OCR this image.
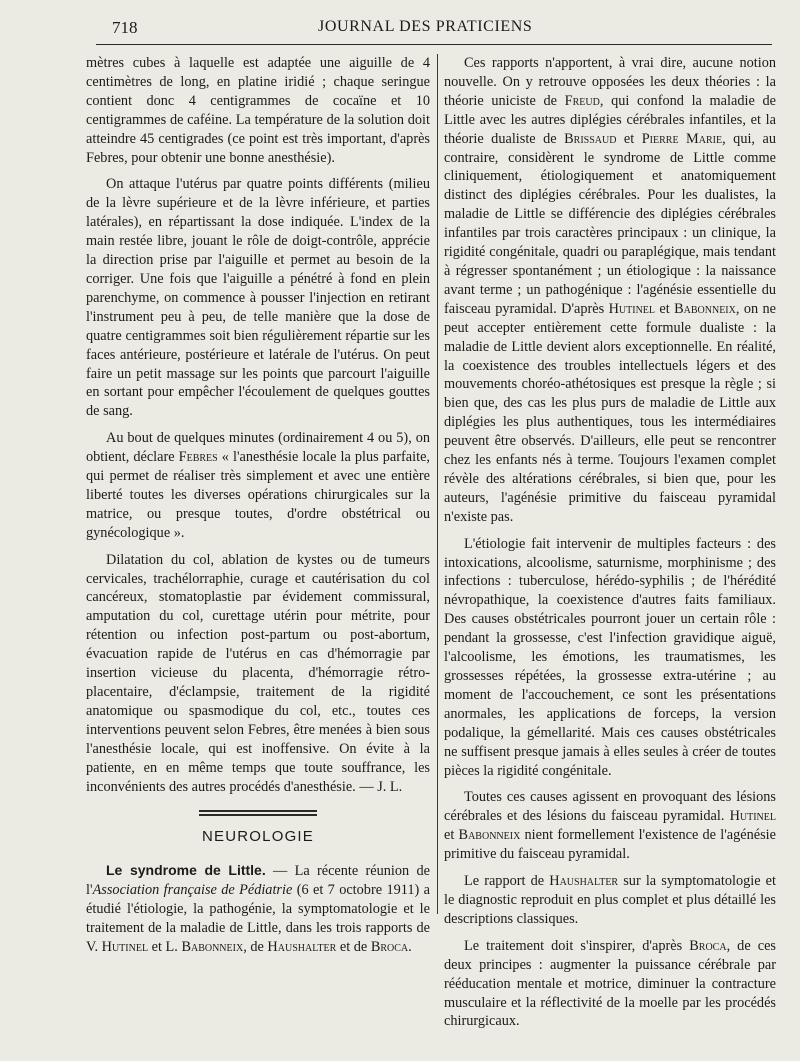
718	JOURNAL DES PRATICIENS

mètres cubes à laquelle est adaptée une aiguille de 4 centimètres de long, en platine iridié ; chaque seringue contient donc 4 centigrammes de cocaïne et 10 centigrammes de caféine. La température de la solution doit atteindre 45 centigrades (ce point est très important, d'après Febres, pour obtenir une bonne anesthésie).

On attaque l'utérus par quatre points différents (milieu de la lèvre supérieure et de la lèvre inférieure, et parties latérales), en répartissant la dose indiquée. L'index de la main restée libre, jouant le rôle de doigt-contrôle, apprécie la direction prise par l'aiguille et permet au besoin de la corriger. Une fois que l'aiguille a pénétré à fond en plein parenchyme, on commence à pousser l'injection en retirant l'instrument peu à peu, de telle manière que la dose de quatre centigrammes soit bien régulièrement répartie sur les faces antérieure, postérieure et latérale de l'utérus. On peut faire un petit massage sur les points que parcourt l'aiguille en sortant pour empêcher l'écoulement de quelques gouttes de sang.

Au bout de quelques minutes (ordinairement 4 ou 5), on obtient, déclare Febres « l'anesthésie locale la plus parfaite, qui permet de réaliser très simplement et avec une entière liberté toutes les diverses opérations chirurgicales sur la matrice, ou presque toutes, d'ordre obstétrical ou gynécologique ».

Dilatation du col, ablation de kystes ou de tumeurs cervicales, trachélorraphie, curage et cautérisation du col cancéreux, stomatoplastie par évidement commissural, amputation du col, curettage utérin pour métrite, pour rétention ou infection post-partum ou post-abortum, évacuation rapide de l'utérus en cas d'hémorragie par insertion vicieuse du placenta, d'hémorragie rétro-placentaire, d'éclampsie, traitement de la rigidité anatomique ou spasmodique du col, etc., toutes ces interventions peuvent selon Febres, être menées à bien sous l'anesthésie locale, qui est inoffensive. On évite à la patiente, en en même temps que toute souffrance, les inconvénients des autres procédés d'anesthésie. — J. L.

NEUROLOGIE

Le syndrome de Little. — La récente réunion de l'Association française de Pédiatrie (6 et 7 octobre 1911) a étudié l'étiologie, la pathogénie, la symptomatologie et le traitement de la maladie de Little, dans les trois rapports de V. Hutinel et L. Babonneix, de Haushalter et de Broca.

Ces rapports n'apportent, à vrai dire, aucune notion nouvelle. On y retrouve opposées les deux théories : la théorie uniciste de Freud, qui confond la maladie de Little avec les autres diplégies cérébrales infantiles, et la théorie dualiste de Brissaud et Pierre Marie, qui, au contraire, considèrent le syndrome de Little comme cliniquement, étiologiquement et anatomiquement distinct des diplégies cérébrales. Pour les dualistes, la maladie de Little se différencie des diplégies cérébrales infantiles par trois caractères principaux : un clinique, la rigidité congénitale, quadri ou paraplégique, mais tendant à régresser spontanément ; un étiologique : la naissance avant terme ; un pathogénique : l'agénésie essentielle du faisceau pyramidal. D'après Hutinel et Babonneix, on ne peut accepter entièrement cette formule dualiste : la maladie de Little devient alors exceptionnelle. En réalité, la coexistence des troubles intellectuels légers et des mouvements choréo-athétosiques est presque la règle ; si bien que, des cas les plus purs de maladie de Little aux diplégies les plus authentiques, tous les intermédiaires peuvent être observés. D'ailleurs, elle peut se rencontrer chez les enfants nés à terme. Toujours l'examen complet révèle des altérations cérébrales, si bien que, pour les auteurs, l'agénésie primitive du faisceau pyramidal n'existe pas.

L'étiologie fait intervenir de multiples facteurs : des intoxications, alcoolisme, saturnisme, morphinisme ; des infections : tuberculose, hérédo-syphilis ; de l'hérédité névropathique, la coexistence d'autres faits familiaux. Des causes obstétricales pourront jouer un certain rôle : pendant la grossesse, c'est l'infection gravidique aiguë, l'alcoolisme, les émotions, les traumatismes, les grossesses répétées, la grossesse extra-utérine ; au moment de l'accouchement, ce sont les présentations anormales, les applications de forceps, la version podalique, la gémellarité. Mais ces causes obstétricales ne suffisent presque jamais à elles seules à créer de toutes pièces la rigidité congénitale.

Toutes ces causes agissent en provoquant des lésions cérébrales et des lésions du faisceau pyramidal. Hutinel et Babonneix nient formellement l'existence de l'agénésie primitive du faisceau pyramidal.

Le rapport de Haushalter sur la symptomatologie et le diagnostic reproduit en plus complet et plus détaillé les descriptions classiques.

Le traitement doit s'inspirer, d'après Broca, de ces deux principes : augmenter la puissance cérébrale par rééducation mentale et motrice, diminuer la contracture musculaire et la réflectivité de la moelle par les procédés chirurgicaux.
